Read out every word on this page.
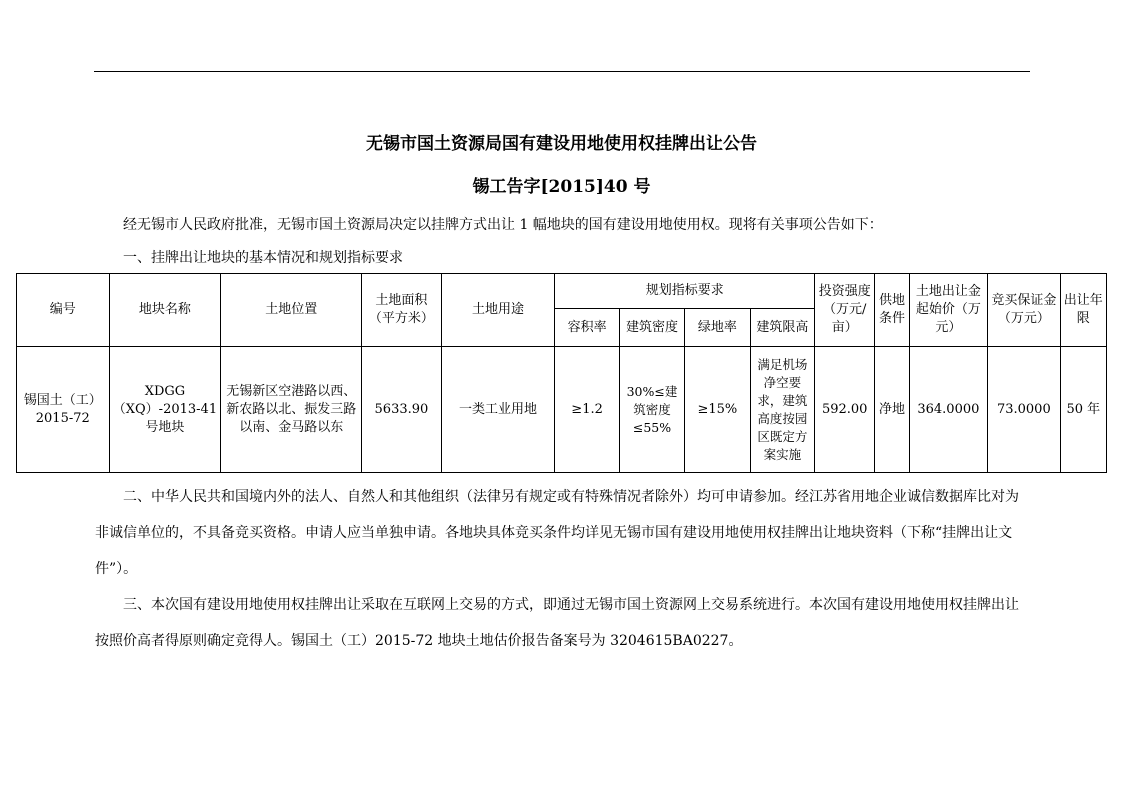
无锡市国土资源局国有建设用地使用权挂牌出让公告
锡工告字[2015]40 号
经无锡市人民政府批准，无锡市国土资源局决定以挂牌方式出让 1 幅地块的国有建设用地使用权。现将有关事项公告如下：
一、挂牌出让地块的基本情况和规划指标要求
编号	地块名称	土地位置	土地面积（平方米）	土地用途	规划指标要求				投资强度（万元/亩）	供地条件	土地出让金起始价（万元）	竞买保证金（万元）	出让年限
					容积率	建筑密度	绿地率	建筑限高					
锡国土（工）2015-72	XDGG（XQ）-2013-41 号地块	无锡新区空港路以西、新农路以北、振发三路以南、金马路以东	5633.90	一类工业用地	≥1.2	30%≤建筑密度≤55%	≥15%	满足机场净空要求，建筑高度按园区既定方案实施	592.00	净地	364.0000	73.0000	50 年
二、中华人民共和国境内外的法人、自然人和其他组织（法律另有规定或有特殊情况者除外）均可申请参加。经江苏省用地企业诚信数据库比对为非诚信单位的，不具备竞买资格。申请人应当单独申请。各地块具体竞买条件均详见无锡市国有建设用地使用权挂牌出让地块资料（下称“挂牌出让文件”）。
三、本次国有建设用地使用权挂牌出让采取在互联网上交易的方式，即通过无锡市国土资源网上交易系统进行。本次国有建设用地使用权挂牌出让按照价高者得原则确定竞得人。锡国土（工）2015-72 地块土地估价报告备案号为 3204615BA0227。
